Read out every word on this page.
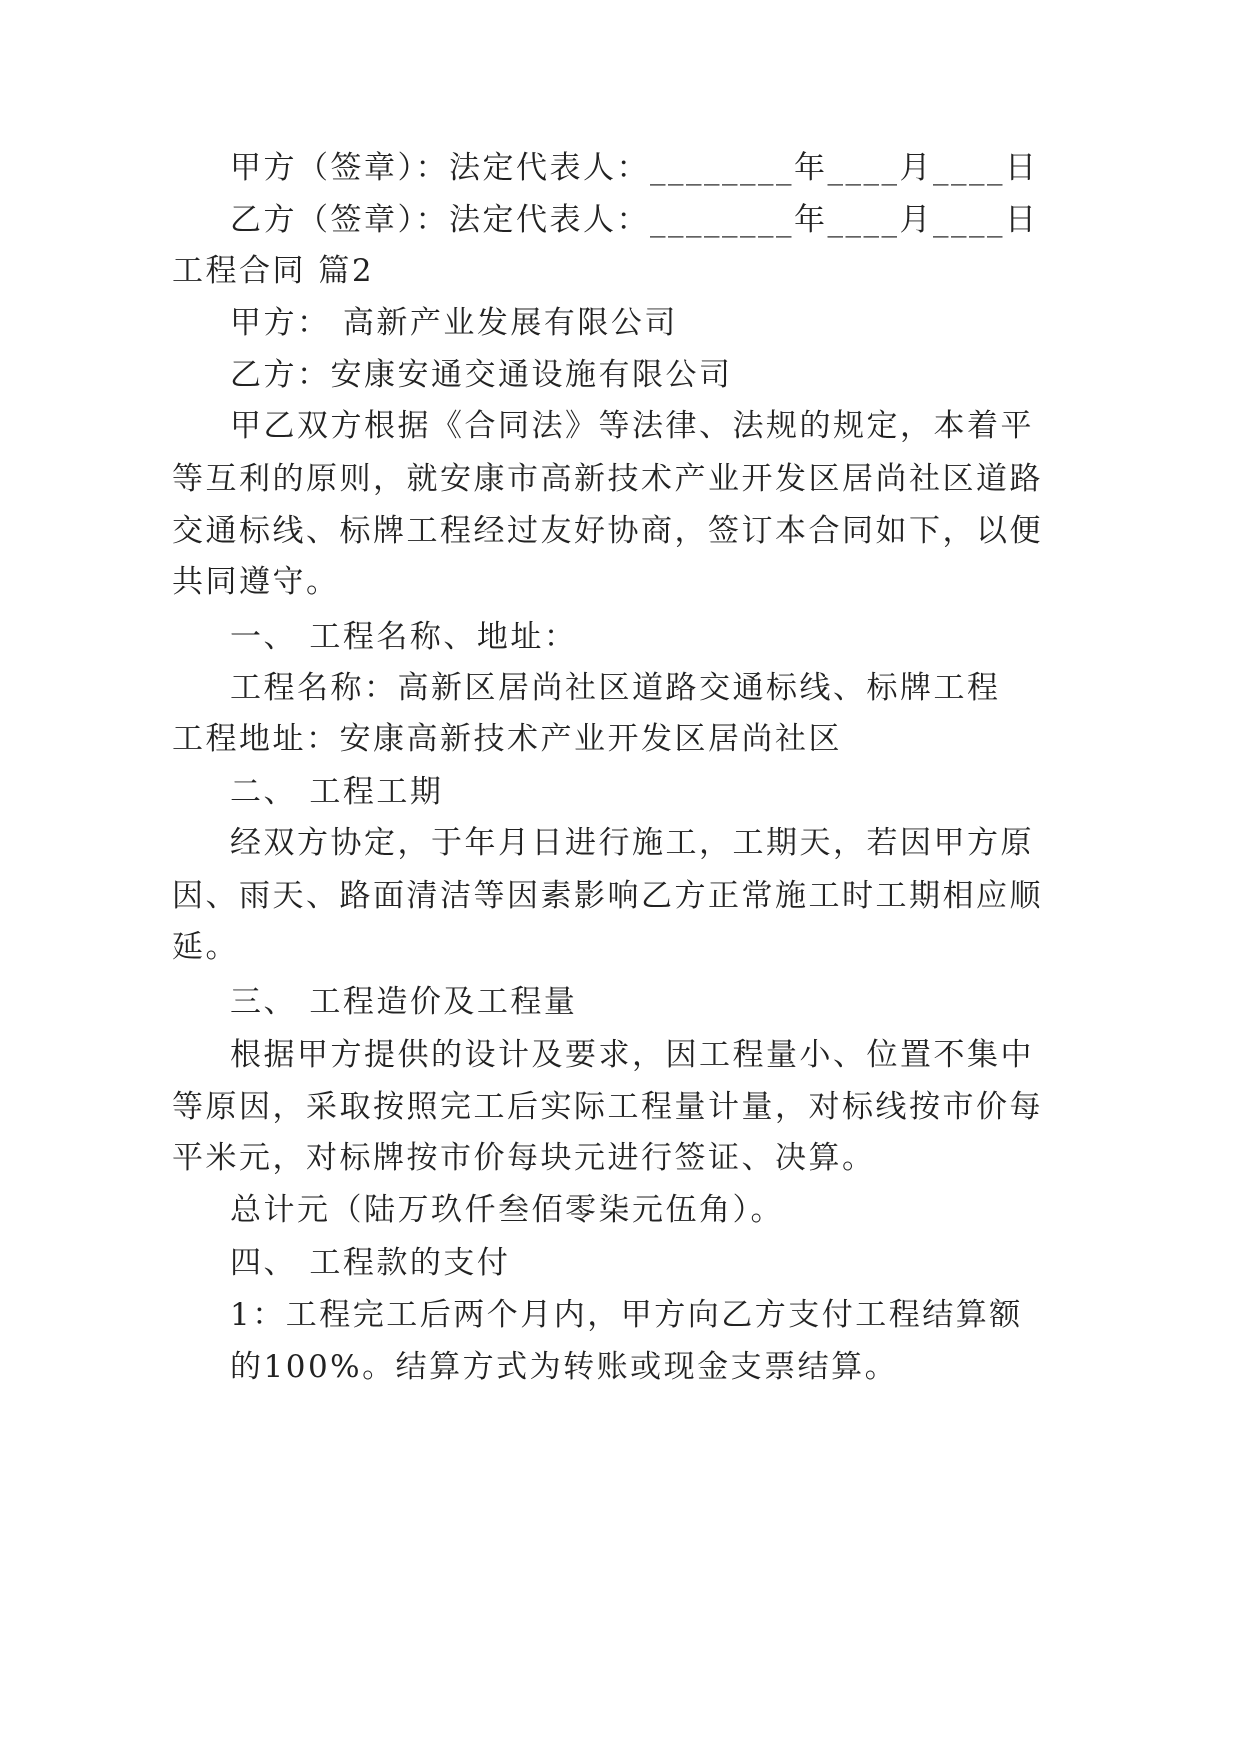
甲方（签章）：法定代表人：________年____月____日

乙方（签章）：法定代表人：________年____月____日

工程合同 篇2

甲方： 高新产业发展有限公司

乙方：安康安通交通设施有限公司

甲乙双方根据《合同法》等法律、法规的规定，本着平

等互利的原则，就安康市高新技术产业开发区居尚社区道路

交通标线、标牌工程经过友好协商，签订本合同如下，以便

共同遵守。

一、 工程名称、地址：

工程名称：高新区居尚社区道路交通标线、标牌工程

工程地址：安康高新技术产业开发区居尚社区

二、 工程工期

经双方协定，于年月日进行施工，工期天，若因甲方原

因、雨天、路面清洁等因素影响乙方正常施工时工期相应顺

延。

三、 工程造价及工程量

根据甲方提供的设计及要求，因工程量小、位置不集中

等原因，采取按照完工后实际工程量计量，对标线按市价每

平米元，对标牌按市价每块元进行签证、决算。

总计元（陆万玖仟叁佰零柒元伍角）。

四、 工程款的支付

1：工程完工后两个月内，甲方向乙方支付工程结算额

的100%。结算方式为转账或现金支票结算。
